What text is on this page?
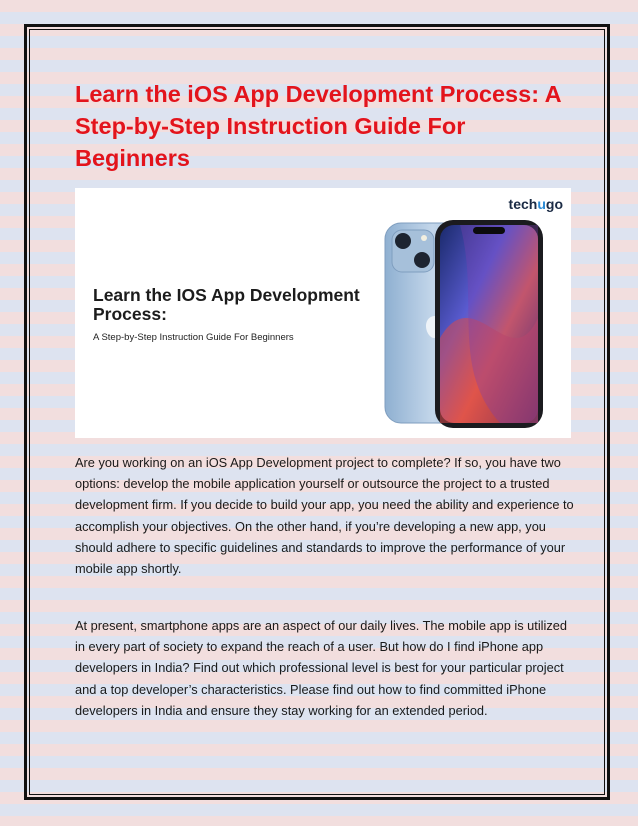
Learn the iOS App Development Process: A Step-by-Step Instruction Guide For Beginners
techugo
Learn the IOS App Development Process:

A Step-by-Step Instruction Guide For Beginners

Are you working on an iOS App Development project to complete? If so, you have two options: develop the mobile application yourself or outsource the project to a trusted development firm. If you decide to build your app, you need the ability and experience to accomplish your objectives. On the other hand, if you’re developing a new app, you should adhere to specific guidelines and standards to improve the performance of your mobile app shortly.

At present, smartphone apps are an aspect of our daily lives. The mobile app is utilized in every part of society to expand the reach of a user. But how do I find iPhone app developers in India? Find out which professional level is best for your particular project and a top developer’s characteristics. Please find out how to find committed iPhone developers in India and ensure they stay working for an extended period.
